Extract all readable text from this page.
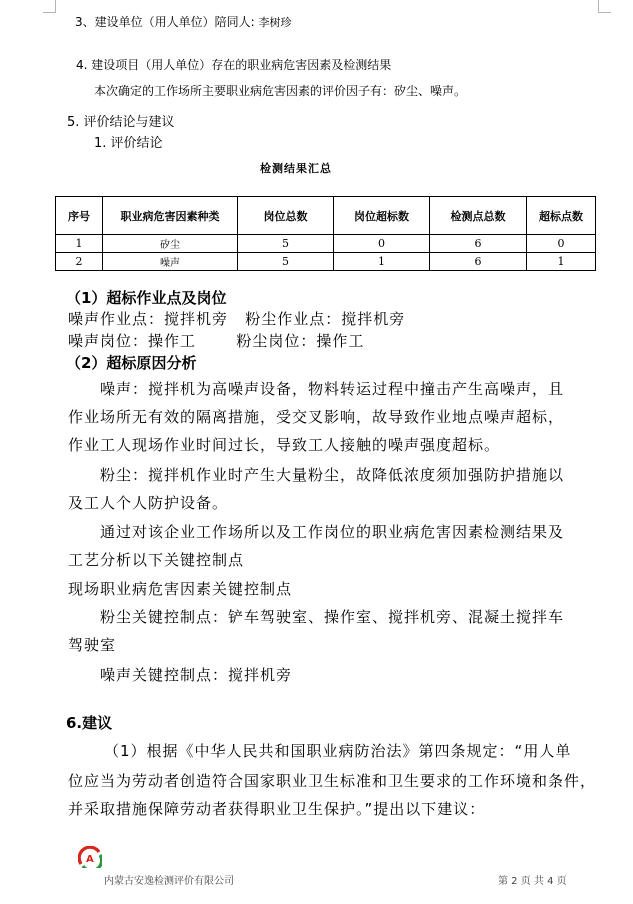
3、建设单位（用人单位）陪同人: 李树珍
4. 建设项目（用人单位）存在的职业病危害因素及检测结果
本次确定的工作场所主要职业病危害因素的评价因子有：矽尘、噪声。
5. 评价结论与建议
1. 评价结论
检测结果汇总
序号	职业病危害因素种类	岗位总数	岗位超标数	检测点总数	超标点数
1	矽尘	5	0	6	0
2	噪声	5	1	6	1
（1）超标作业点及岗位
噪声作业点：搅拌机旁   粉尘作业点：搅拌机旁
噪声岗位：操作工       粉尘岗位：操作工
（2）超标原因分析
噪声：搅拌机为高噪声设备，物料转运过程中撞击产生高噪声，且
作业场所无有效的隔离措施，受交叉影响，故导致作业地点噪声超标，
作业工人现场作业时间过长，导致工人接触的噪声强度超标。
粉尘：搅拌机作业时产生大量粉尘，故降低浓度须加强防护措施以
及工人个人防护设备。
通过对该企业工作场所以及工作岗位的职业病危害因素检测结果及
工艺分析以下关键控制点
现场职业病危害因素关键控制点
粉尘关键控制点：铲车驾驶室、操作室、搅拌机旁、混凝土搅拌车
驾驶室
噪声关键控制点：搅拌机旁
6.建议
（1）根据《中华人民共和国职业病防治法》第四条规定：“用人单
位应当为劳动者创造符合国家职业卫生标准和卫生要求的工作环境和条件，
并采取措施保障劳动者获得职业卫生保护。”提出以下建议：
A
内蒙古安逸检测评价有限公司	第 2 页 共 4 页
